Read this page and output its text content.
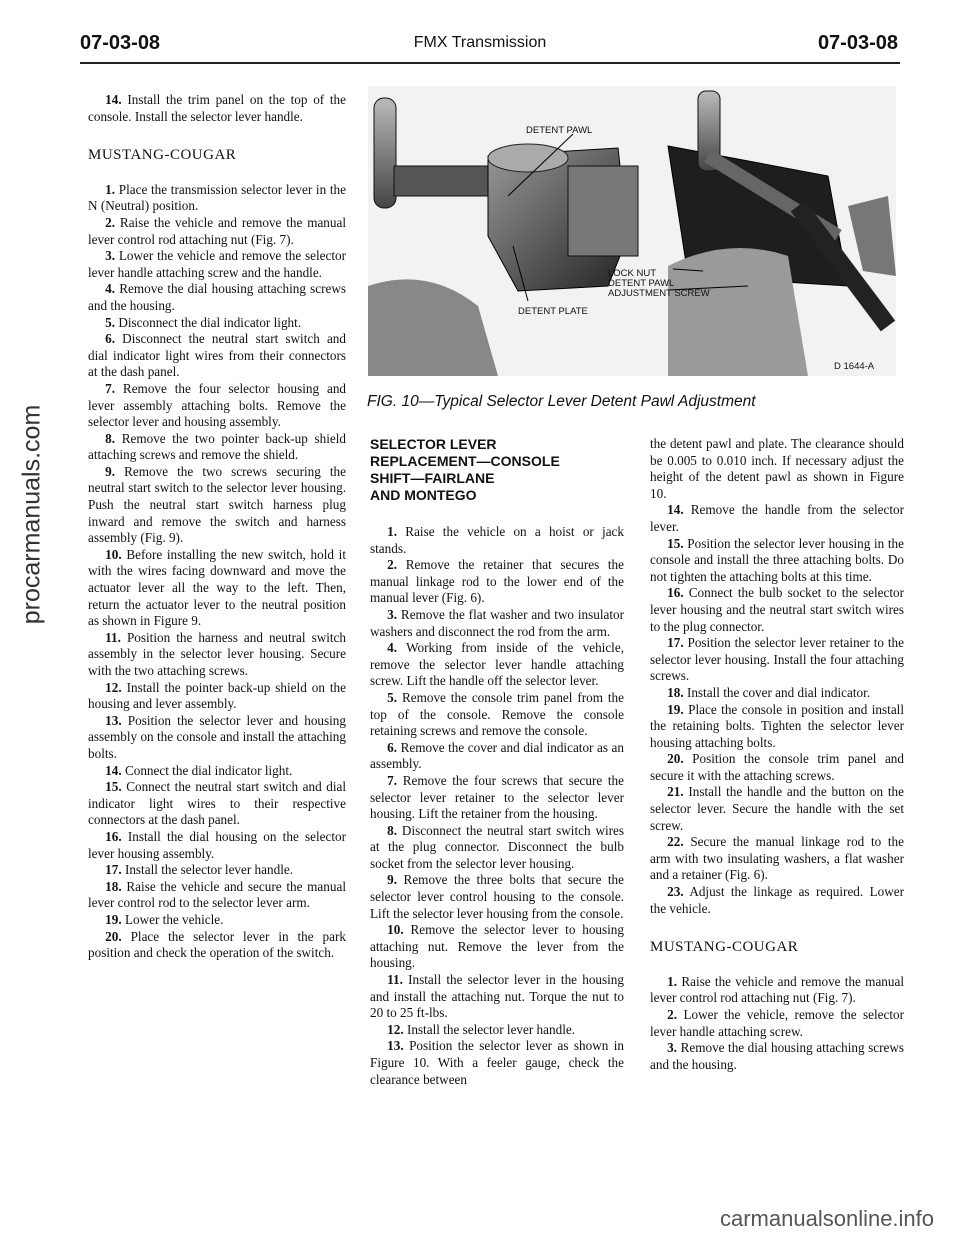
07-03-08	FMX Transmission	07-03-08
procarmanuals.com

14. Install the trim panel on the top of the console. Install the selector lever handle.

MUSTANG-COUGAR

1. Place the transmission selector lever in the N (Neutral) position.

2. Raise the vehicle and remove the manual lever control rod attaching nut (Fig. 7).

3. Lower the vehicle and remove the selector lever handle attaching screw and the handle.

4. Remove the dial housing attaching screws and the housing.

5. Disconnect the dial indicator light.

6. Disconnect the neutral start switch and dial indicator light wires from their connectors at the dash panel.

7. Remove the four selector housing and lever assembly attaching bolts. Remove the selector lever and housing assembly.

8. Remove the two pointer back-up shield attaching screws and remove the shield.

9. Remove the two screws securing the neutral start switch to the selector lever housing. Push the neutral start switch harness plug inward and remove the switch and harness assembly (Fig. 9).

10. Before installing the new switch, hold it with the wires facing downward and move the actuator lever all the way to the left. Then, return the actuator lever to the neutral position as shown in Figure 9.

11. Position the harness and neutral switch assembly in the selector lever housing. Secure with the two attaching screws.

12. Install the pointer back-up shield on the housing and lever assembly.

13. Position the selector lever and housing assembly on the console and install the attaching bolts.

14. Connect the dial indicator light.

15. Connect the neutral start switch and dial indicator light wires to their respective connectors at the dash panel.

16. Install the dial housing on the selector lever housing assembly.

17. Install the selector lever handle.

18. Raise the vehicle and secure the manual lever control rod to the selector lever arm.

19. Lower the vehicle.

20. Place the selector lever in the park position and check the operation of the switch.

DETENT PAWL
LOCK NUT
DETENT PAWL
ADJUSTMENT SCREW
DETENT PLATE
D 1644-A
FIG. 10—Typical Selector Lever Detent Pawl Adjustment

SELECTOR LEVER
REPLACEMENT—CONSOLE
SHIFT—FAIRLANE
AND MONTEGO

1. Raise the vehicle on a hoist or jack stands.

2. Remove the retainer that secures the manual linkage rod to the lower end of the manual lever (Fig. 6).

3. Remove the flat washer and two insulator washers and disconnect the rod from the arm.

4. Working from inside of the vehicle, remove the selector lever handle attaching screw. Lift the handle off the selector lever.

5. Remove the console trim panel from the top of the console. Remove the console retaining screws and remove the console.

6. Remove the cover and dial indicator as an assembly.

7. Remove the four screws that secure the selector lever retainer to the selector lever housing. Lift the retainer from the housing.

8. Disconnect the neutral start switch wires at the plug connector. Disconnect the bulb socket from the selector lever housing.

9. Remove the three bolts that secure the selector lever control housing to the console. Lift the selector lever housing from the console.

10. Remove the selector lever to housing attaching nut. Remove the lever from the housing.

11. Install the selector lever in the housing and install the attaching nut. Torque the nut to 20 to 25 ft-lbs.

12. Install the selector lever handle.

13. Position the selector lever as shown in Figure 10. With a feeler gauge, check the clearance between

the detent pawl and plate. The clearance should be 0.005 to 0.010 inch. If necessary adjust the height of the detent pawl as shown in Figure 10.

14. Remove the handle from the selector lever.

15. Position the selector lever housing in the console and install the three attaching bolts. Do not tighten the attaching bolts at this time.

16. Connect the bulb socket to the selector lever housing and the neutral start switch wires to the plug connector.

17. Position the selector lever retainer to the selector lever housing. Install the four attaching screws.

18. Install the cover and dial indicator.

19. Place the console in position and install the retaining bolts. Tighten the selector lever housing attaching bolts.

20. Position the console trim panel and secure it with the attaching screws.

21. Install the handle and the button on the selector lever. Secure the handle with the set screw.

22. Secure the manual linkage rod to the arm with two insulating washers, a flat washer and a retainer (Fig. 6).

23. Adjust the linkage as required. Lower the vehicle.

MUSTANG-COUGAR

1. Raise the vehicle and remove the manual lever control rod attaching nut (Fig. 7).

2. Lower the vehicle, remove the selector lever handle attaching screw.

3. Remove the dial housing attaching screws and the housing.

carmanualsonline.info
